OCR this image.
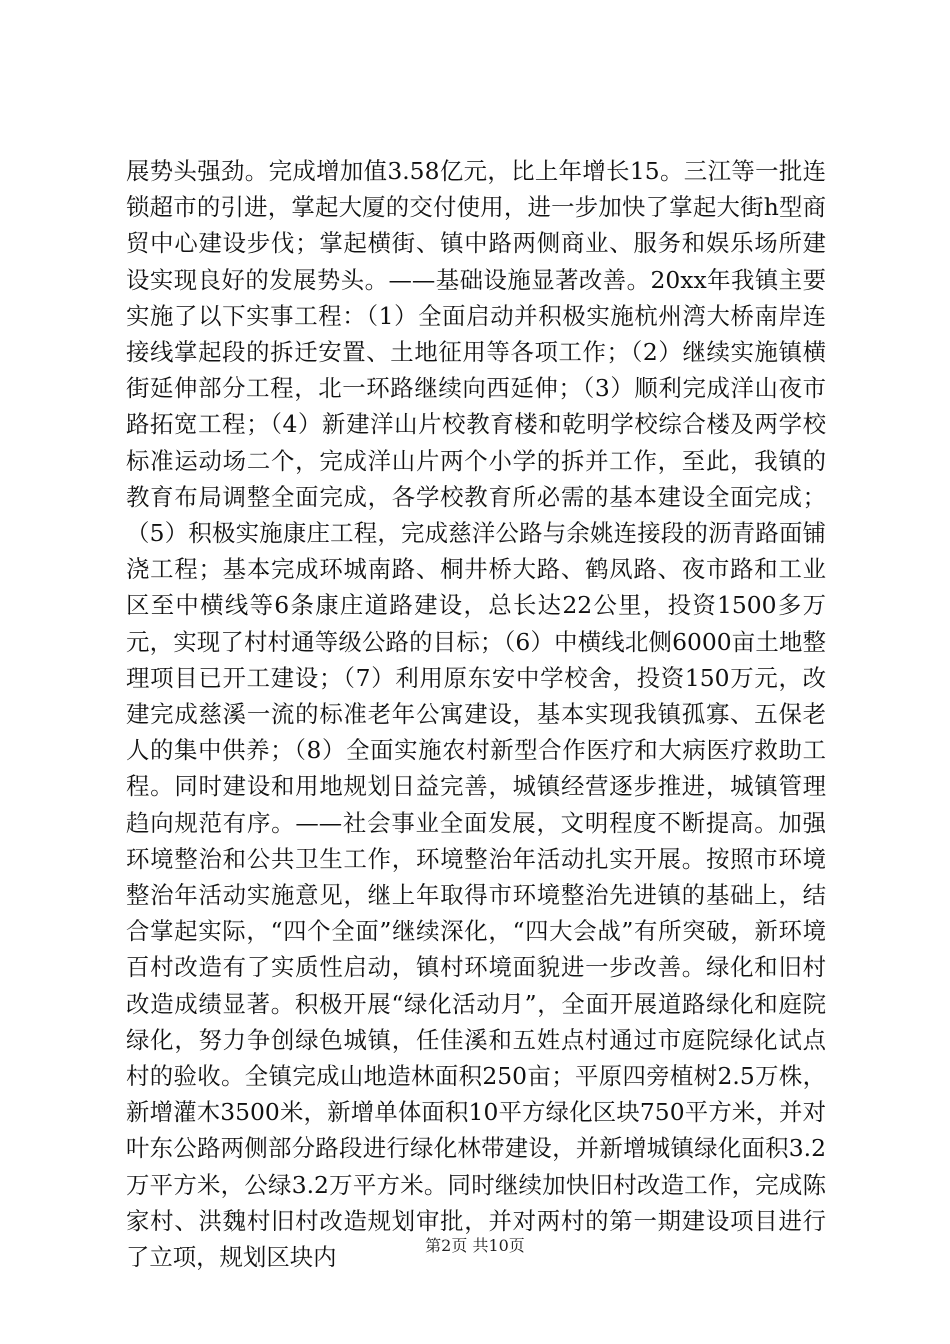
展势头强劲。完成增加值3.58亿元，比上年增长15。三江等一批连锁超市的引进，掌起大厦的交付使用，进一步加快了掌起大街h型商贸中心建设步伐；掌起横街、镇中路两侧商业、服务和娱乐场所建设实现良好的发展势头。——基础设施显著改善。20xx年我镇主要实施了以下实事工程：（1）全面启动并积极实施杭州湾大桥南岸连接线掌起段的拆迁安置、土地征用等各项工作；（2）继续实施镇横街延伸部分工程，北一环路继续向西延伸；（3）顺利完成洋山夜市路拓宽工程；（4）新建洋山片校教育楼和乾明学校综合楼及两学校标准运动场二个，完成洋山片两个小学的拆并工作，至此，我镇的教育布局调整全面完成，各学校教育所必需的基本建设全面完成；（5）积极实施康庄工程，完成慈洋公路与余姚连接段的沥青路面铺浇工程；基本完成环城南路、桐井桥大路、鹤凤路、夜市路和工业区至中横线等6条康庄道路建设，总长达22公里，投资1500多万元，实现了村村通等级公路的目标；（6）中横线北侧6000亩土地整理项目已开工建设；（7）利用原东安中学校舍，投资150万元，改建完成慈溪一流的标准老年公寓建设，基本实现我镇孤寡、五保老人的集中供养；（8）全面实施农村新型合作医疗和大病医疗救助工程。同时建设和用地规划日益完善，城镇经营逐步推进，城镇管理趋向规范有序。——社会事业全面发展，文明程度不断提高。加强环境整治和公共卫生工作，环境整治年活动扎实开展。按照市环境整治年活动实施意见，继上年取得市环境整治先进镇的基础上，结合掌起实际，“四个全面”继续深化，“四大会战”有所突破，新环境百村改造有了实质性启动，镇村环境面貌进一步改善。绿化和旧村改造成绩显著。积极开展“绿化活动月”，全面开展道路绿化和庭院绿化，努力争创绿色城镇，任佳溪和五姓点村通过市庭院绿化试点村的验收。全镇完成山地造林面积250亩；平原四旁植树2.5万株，新增灌木3500米，新增单体面积10平方绿化区块750平方米，并对叶东公路两侧部分路段进行绿化林带建设，并新增城镇绿化面积3.2万平方米，公绿3.2万平方米。同时继续加快旧村改造工作，完成陈家村、洪魏村旧村改造规划审批，并对两村的第一期建设项目进行了立项，规划区块内	第2页 共10页
